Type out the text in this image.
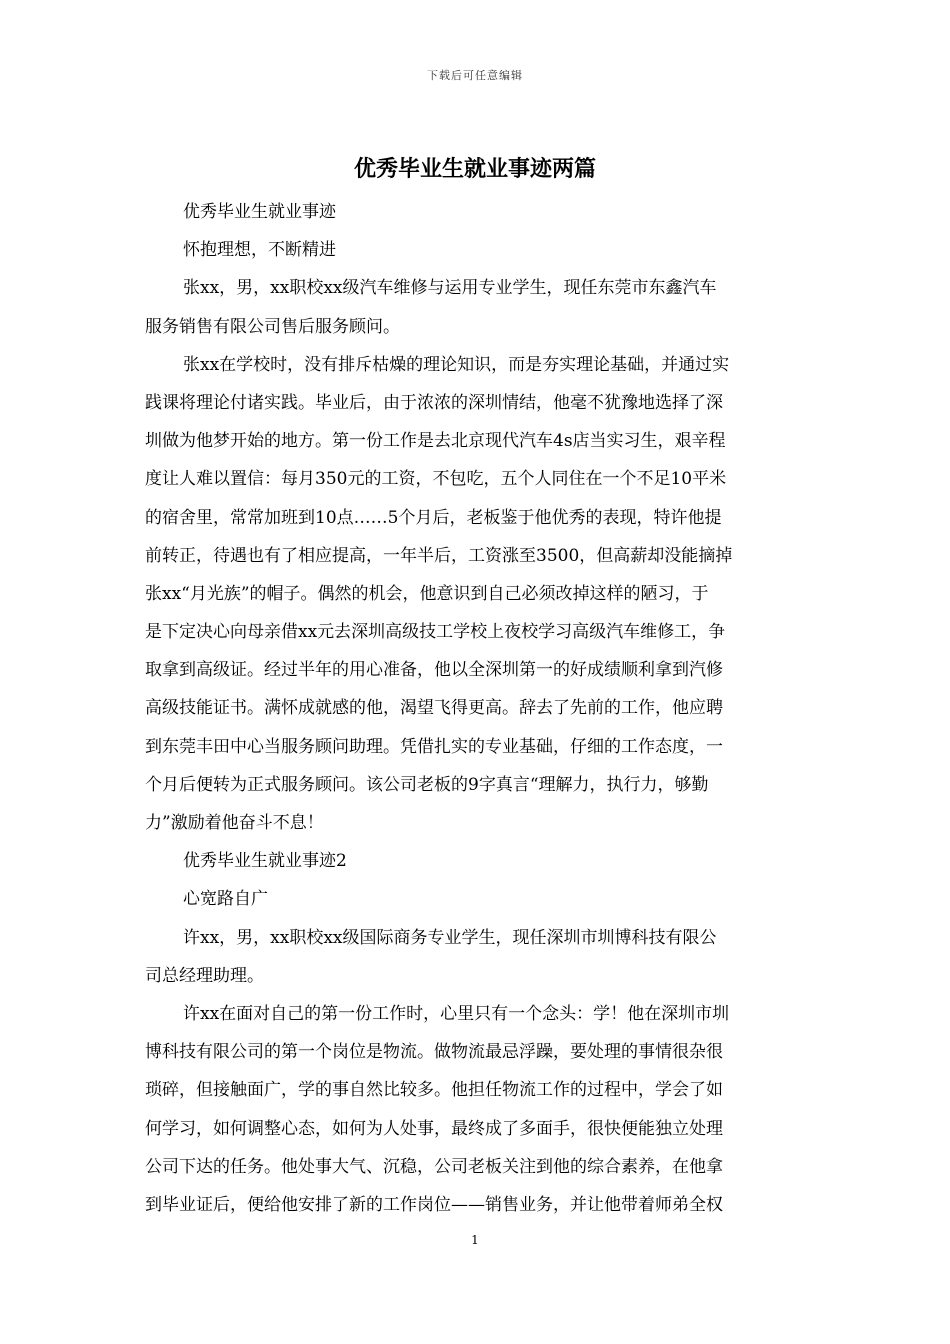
下载后可任意编辑
优秀毕业生就业事迹两篇
优秀毕业生就业事迹
怀抱理想，不断精进
张xx，男，xx职校xx级汽车维修与运用专业学生，现任东莞市东鑫汽车
服务销售有限公司售后服务顾问。
张xx在学校时，没有排斥枯燥的理论知识，而是夯实理论基础，并通过实
践课将理论付诸实践。毕业后，由于浓浓的深圳情结，他毫不犹豫地选择了深
圳做为他梦开始的地方。第一份工作是去北京现代汽车4s店当实习生，艰辛程
度让人难以置信：每月350元的工资，不包吃，五个人同住在一个不足10平米
的宿舍里，常常加班到10点……5个月后，老板鉴于他优秀的表现，特许他提
前转正，待遇也有了相应提高，一年半后，工资涨至3500，但高薪却没能摘掉
张xx“月光族”的帽子。偶然的机会，他意识到自己必须改掉这样的陋习，于
是下定决心向母亲借xx元去深圳高级技工学校上夜校学习高级汽车维修工，争
取拿到高级证。经过半年的用心准备，他以全深圳第一的好成绩顺利拿到汽修
高级技能证书。满怀成就感的他，渴望飞得更高。辞去了先前的工作，他应聘
到东莞丰田中心当服务顾问助理。凭借扎实的专业基础，仔细的工作态度，一
个月后便转为正式服务顾问。该公司老板的9字真言“理解力，执行力，够勤
力”激励着他奋斗不息！
优秀毕业生就业事迹2
心宽路自广
许xx，男，xx职校xx级国际商务专业学生，现任深圳市圳博科技有限公
司总经理助理。
许xx在面对自己的第一份工作时，心里只有一个念头：学！他在深圳市圳
博科技有限公司的第一个岗位是物流。做物流最忌浮躁，要处理的事情很杂很
琐碎，但接触面广，学的事自然比较多。他担任物流工作的过程中，学会了如
何学习，如何调整心态，如何为人处事，最终成了多面手，很快便能独立处理
公司下达的任务。他处事大气、沉稳，公司老板关注到他的综合素养，在他拿
到毕业证后，便给他安排了新的工作岗位——销售业务，并让他带着师弟全权
1
